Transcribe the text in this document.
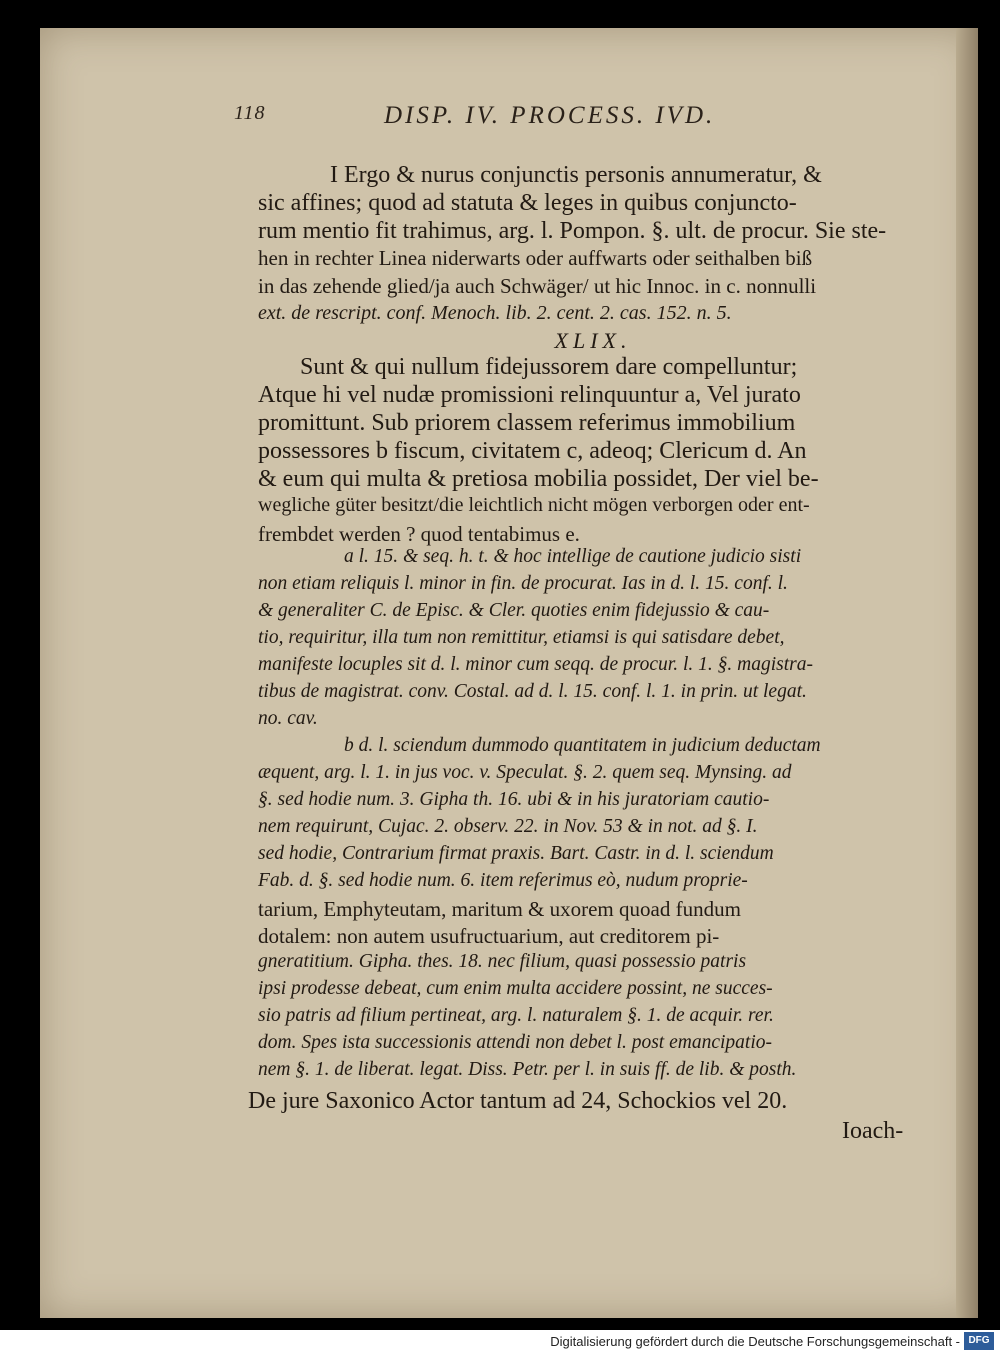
118	DISP. IV. PROCESS. IVD.
I Ergo & nurus conjunctis personis annumeratur, &
sic affines; quod ad statuta & leges in quibus conjuncto-
rum mentio fit trahimus, arg. l. Pompon. §. ult. de procur. Sie ste-
hen in rechter Linea niderwarts oder auffwarts oder seithalben biß
in das zehende glied/ja auch Schwäger/ ut hic Innoc. in c. nonnulli
ext. de rescript. conf. Menoch. lib. 2. cent. 2. cas. 152. n. 5.
XLIX.
Sunt & qui nullum fidejussorem dare compelluntur;
Atque hi vel nudæ promissioni relinquuntur a, Vel jurato
promittunt. Sub priorem classem referimus immobilium
possessores b fiscum, civitatem c, adeoq; Clericum d. An
& eum qui multa & pretiosa mobilia possidet, Der viel be-
wegliche güter besitzt/die leichtlich nicht mögen verborgen oder ent-
frembdet werden ? quod tentabimus e.
a l. 15. & seq. h. t. & hoc intellige de cautione judicio sisti
non etiam reliquis l. minor in fin. de procurat. Ias in d. l. 15. conf. l.
& generaliter C. de Episc. & Cler. quoties enim fidejussio & cau-
tio, requiritur, illa tum non remittitur, etiamsi is qui satisdare debet,
manifeste locuples sit d. l. minor cum seqq. de procur. l. 1. §. magistra-
tibus de magistrat. conv. Costal. ad d. l. 15. conf. l. 1. in prin. ut legat.
no. cav.
b d. l. sciendum dummodo quantitatem in judicium deductam
æquent, arg. l. 1. in jus voc. v. Speculat. §. 2. quem seq. Mynsing. ad
§. sed hodie num. 3. Gipha th. 16. ubi & in his juratoriam cautio-
nem requirunt, Cujac. 2. observ. 22. in Nov. 53 & in not. ad §. I.
sed hodie, Contrarium firmat praxis. Bart. Castr. in d. l. sciendum
Fab. d. §. sed hodie num. 6. item referimus eò, nudum proprie-
tarium, Emphyteutam, maritum & uxorem quoad fundum
dotalem: non autem usufructuarium, aut creditorem pi-
gneratitium. Gipha. thes. 18. nec filium, quasi possessio patris
ipsi prodesse debeat, cum enim multa accidere possint, ne succes-
sio patris ad filium pertineat, arg. l. naturalem §. 1. de acquir. rer.
dom. Spes ista successionis attendi non debet l. post emancipatio-
nem §. 1. de liberat. legat. Diss. Petr. per l. in suis ff. de lib. & posth.
De jure Saxonico Actor tantum ad 24, Schockios vel 20.
Ioach-
Digitalisierung gefördert durch die Deutsche Forschungsgemeinschaft - DFG
